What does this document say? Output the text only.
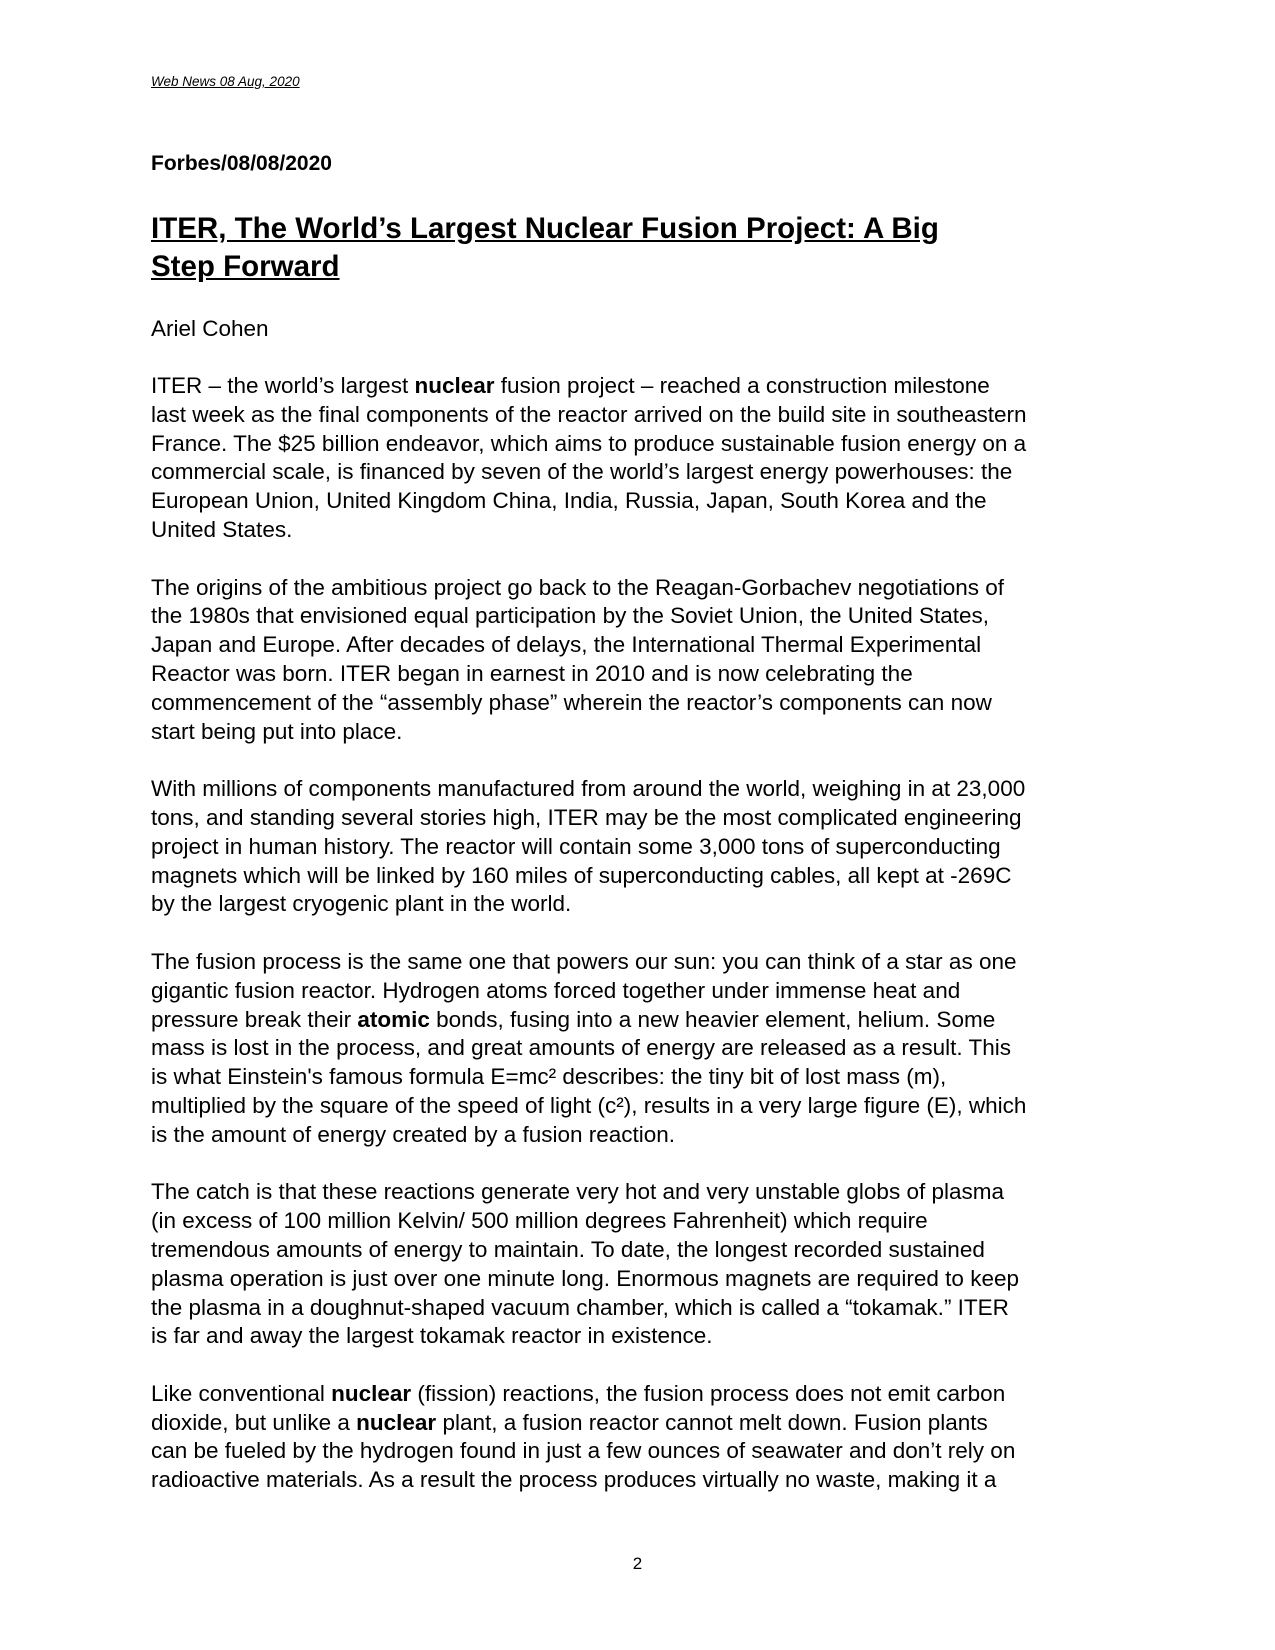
Web News 08 Aug, 2020

Forbes/08/08/2020

ITER, The World’s Largest Nuclear Fusion Project: A Big
Step Forward

Ariel Cohen

ITER – the world’s largest nuclear fusion project – reached a construction milestone
last week as the final components of the reactor arrived on the build site in southeastern
France. The $25 billion endeavor, which aims to produce sustainable fusion energy on a
commercial scale, is financed by seven of the world’s largest energy powerhouses: the
European Union, United Kingdom China, India, Russia, Japan, South Korea and the
United States.

The origins of the ambitious project go back to the Reagan-Gorbachev negotiations of
the 1980s that envisioned equal participation by the Soviet Union, the United States,
Japan and Europe. After decades of delays, the International Thermal Experimental
Reactor was born. ITER began in earnest in 2010 and is now celebrating the
commencement of the “assembly phase” wherein the reactor’s components can now
start being put into place.

With millions of components manufactured from around the world, weighing in at 23,000
tons, and standing several stories high, ITER may be the most complicated engineering
project in human history. The reactor will contain some 3,000 tons of superconducting
magnets which will be linked by 160 miles of superconducting cables, all kept at -269C
by the largest cryogenic plant in the world.

The fusion process is the same one that powers our sun: you can think of a star as one
gigantic fusion reactor. Hydrogen atoms forced together under immense heat and
pressure break their atomic bonds, fusing into a new heavier element, helium. Some
mass is lost in the process, and great amounts of energy are released as a result. This
is what Einstein's famous formula E=mc² describes: the tiny bit of lost mass (m),
multiplied by the square of the speed of light (c²), results in a very large figure (E), which
is the amount of energy created by a fusion reaction.

The catch is that these reactions generate very hot and very unstable globs of plasma
(in excess of 100 million Kelvin/ 500 million degrees Fahrenheit) which require
tremendous amounts of energy to maintain. To date, the longest recorded sustained
plasma operation is just over one minute long. Enormous magnets are required to keep
the plasma in a doughnut-shaped vacuum chamber, which is called a “tokamak.” ITER
is far and away the largest tokamak reactor in existence.

Like conventional nuclear (fission) reactions, the fusion process does not emit carbon
dioxide, but unlike a nuclear plant, a fusion reactor cannot melt down. Fusion plants
can be fueled by the hydrogen found in just a few ounces of seawater and don’t rely on
radioactive materials. As a result the process produces virtually no waste, making it a

2
